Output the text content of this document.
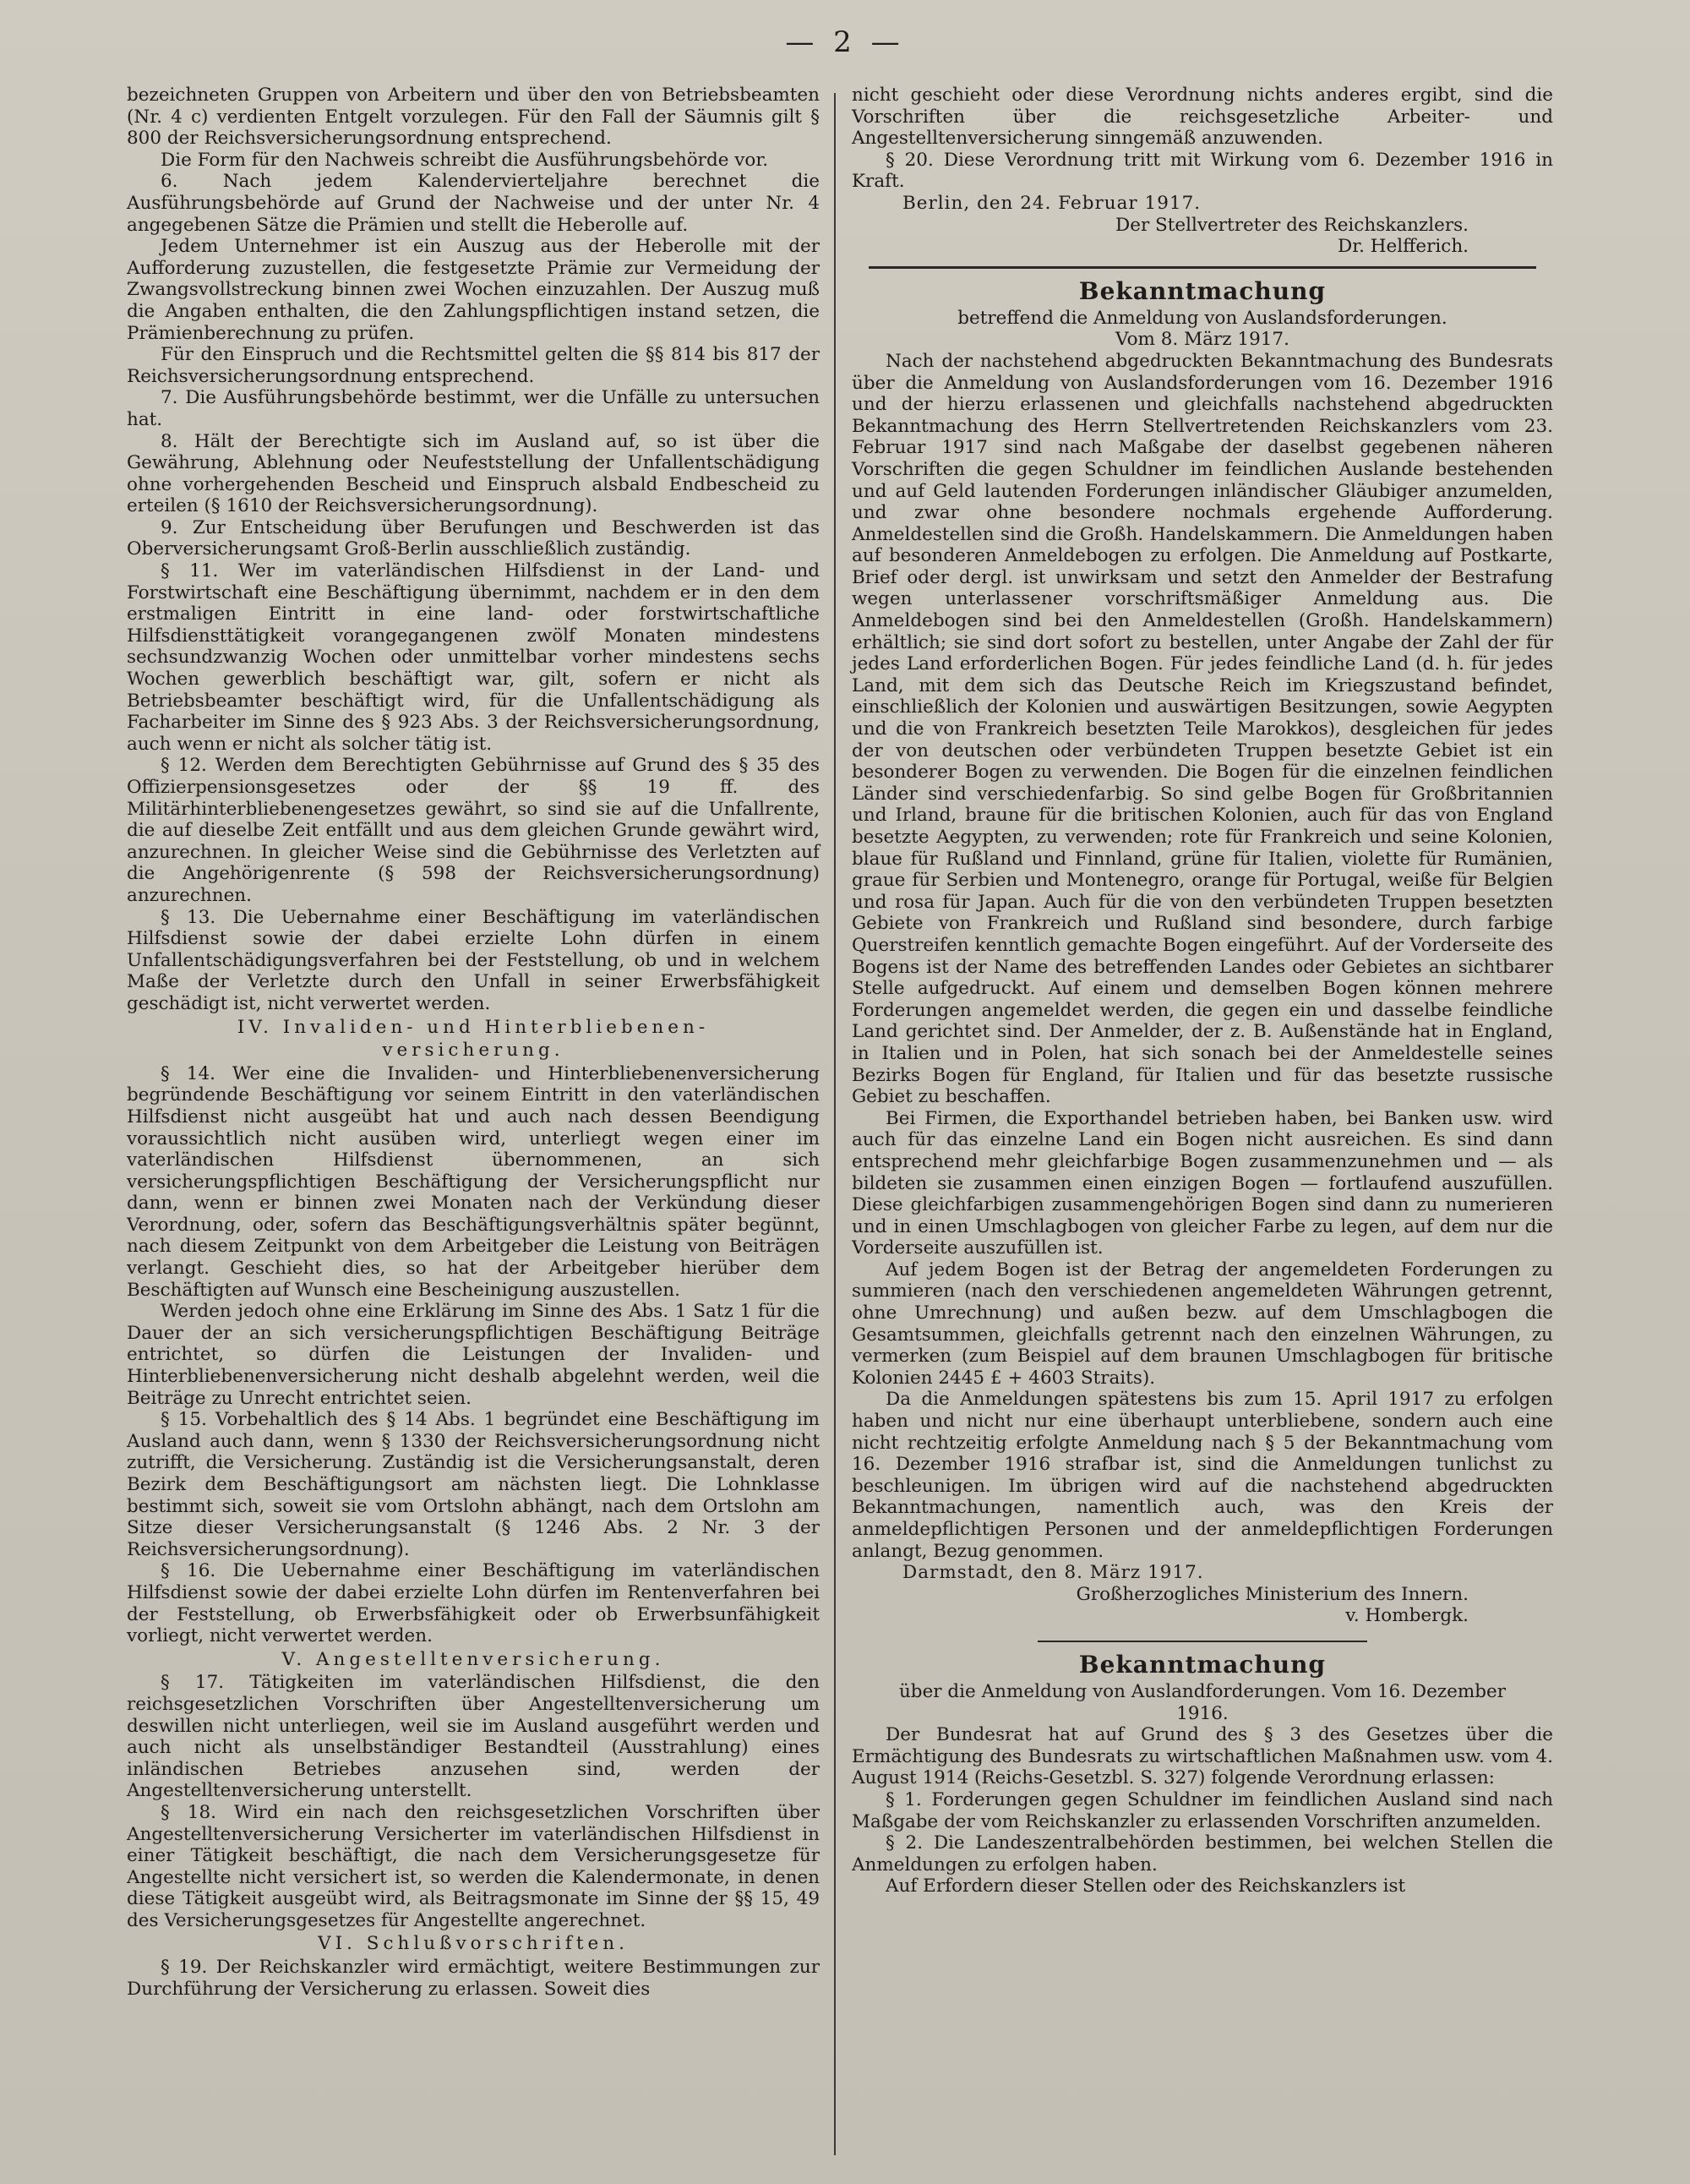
— 2 —

bezeichneten Gruppen von Arbeitern und über den von Betriebsbeamten (Nr. 4 c) verdienten Entgelt vorzulegen. Für den Fall der Säumnis gilt § 800 der Reichsversicherungsordnung entsprechend.

Die Form für den Nachweis schreibt die Ausführungsbehörde vor.

6. Nach jedem Kalendervierteljahre berechnet die Ausführungsbehörde auf Grund der Nachweise und der unter Nr. 4 angegebenen Sätze die Prämien und stellt die Heberolle auf.

Jedem Unternehmer ist ein Auszug aus der Heberolle mit der Aufforderung zuzustellen, die festgesetzte Prämie zur Vermeidung der Zwangsvollstreckung binnen zwei Wochen einzuzahlen. Der Auszug muß die Angaben enthalten, die den Zahlungspflichtigen instand setzen, die Prämienberechnung zu prüfen.

Für den Einspruch und die Rechtsmittel gelten die §§ 814 bis 817 der Reichsversicherungsordnung entsprechend.

7. Die Ausführungsbehörde bestimmt, wer die Unfälle zu untersuchen hat.

8. Hält der Berechtigte sich im Ausland auf, so ist über die Gewährung, Ablehnung oder Neufeststellung der Unfallentschädigung ohne vorhergehenden Bescheid und Einspruch alsbald Endbescheid zu erteilen (§ 1610 der Reichsversicherungsordnung).

9. Zur Entscheidung über Berufungen und Beschwerden ist das Oberversicherungsamt Groß-Berlin ausschließlich zuständig.

§ 11. Wer im vaterländischen Hilfsdienst in der Land- und Forstwirtschaft eine Beschäftigung übernimmt, nachdem er in den dem erstmaligen Eintritt in eine land- oder forstwirtschaftliche Hilfsdiensttätigkeit vorangegangenen zwölf Monaten mindestens sechsundzwanzig Wochen oder unmittelbar vorher mindestens sechs Wochen gewerblich beschäftigt war, gilt, sofern er nicht als Betriebsbeamter beschäftigt wird, für die Unfallentschädigung als Facharbeiter im Sinne des § 923 Abs. 3 der Reichsversicherungsordnung, auch wenn er nicht als solcher tätig ist.

§ 12. Werden dem Berechtigten Gebührnisse auf Grund des § 35 des Offizierpensionsgesetzes oder der §§ 19 ff. des Militärhinterbliebenengesetzes gewährt, so sind sie auf die Unfallrente, die auf dieselbe Zeit entfällt und aus dem gleichen Grunde gewährt wird, anzurechnen. In gleicher Weise sind die Gebührnisse des Verletzten auf die Angehörigenrente (§ 598 der Reichsversicherungsordnung) anzurechnen.

§ 13. Die Uebernahme einer Beschäftigung im vaterländischen Hilfsdienst sowie der dabei erzielte Lohn dürfen in einem Unfallentschädigungsverfahren bei der Feststellung, ob und in welchem Maße der Verletzte durch den Unfall in seiner Erwerbsfähigkeit geschädigt ist, nicht verwertet werden.

IV. Invaliden- und Hinterbliebenen-

versicherung.

§ 14. Wer eine die Invaliden- und Hinterbliebenenversicherung begründende Beschäftigung vor seinem Eintritt in den vaterländischen Hilfsdienst nicht ausgeübt hat und auch nach dessen Beendigung voraussichtlich nicht ausüben wird, unterliegt wegen einer im vaterländischen Hilfsdienst übernommenen, an sich versicherungspflichtigen Beschäftigung der Versicherungspflicht nur dann, wenn er binnen zwei Monaten nach der Verkündung dieser Verordnung, oder, sofern das Beschäftigungsverhältnis später begünnt, nach diesem Zeitpunkt von dem Arbeitgeber die Leistung von Beiträgen verlangt. Geschieht dies, so hat der Arbeitgeber hierüber dem Beschäftigten auf Wunsch eine Bescheinigung auszustellen.

Werden jedoch ohne eine Erklärung im Sinne des Abs. 1 Satz 1 für die Dauer der an sich versicherungspflichtigen Beschäftigung Beiträge entrichtet, so dürfen die Leistungen der Invaliden- und Hinterbliebenenversicherung nicht deshalb abgelehnt werden, weil die Beiträge zu Unrecht entrichtet seien.

§ 15. Vorbehaltlich des § 14 Abs. 1 begründet eine Beschäftigung im Ausland auch dann, wenn § 1330 der Reichsversicherungsordnung nicht zutrifft, die Versicherung. Zuständig ist die Versicherungsanstalt, deren Bezirk dem Beschäftigungsort am nächsten liegt. Die Lohnklasse bestimmt sich, soweit sie vom Ortslohn abhängt, nach dem Ortslohn am Sitze dieser Versicherungsanstalt (§ 1246 Abs. 2 Nr. 3 der Reichsversicherungsordnung).

§ 16. Die Uebernahme einer Beschäftigung im vaterländischen Hilfsdienst sowie der dabei erzielte Lohn dürfen im Rentenverfahren bei der Feststellung, ob Erwerbsfähigkeit oder ob Erwerbsunfähigkeit vorliegt, nicht verwertet werden.

V. Angestelltenversicherung.

§ 17. Tätigkeiten im vaterländischen Hilfsdienst, die den reichsgesetzlichen Vorschriften über Angestelltenversicherung um deswillen nicht unterliegen, weil sie im Ausland ausgeführt werden und auch nicht als unselbständiger Bestandteil (Ausstrahlung) eines inländischen Betriebes anzusehen sind, werden der Angestelltenversicherung unterstellt.

§ 18. Wird ein nach den reichsgesetzlichen Vorschriften über Angestelltenversicherung Versicherter im vaterländischen Hilfsdienst in einer Tätigkeit beschäftigt, die nach dem Versicherungsgesetze für Angestellte nicht versichert ist, so werden die Kalendermonate, in denen diese Tätigkeit ausgeübt wird, als Beitragsmonate im Sinne der §§ 15, 49 des Versicherungsgesetzes für Angestellte angerechnet.

VI. Schlußvorschriften.

§ 19. Der Reichskanzler wird ermächtigt, weitere Bestimmungen zur Durchführung der Versicherung zu erlassen. Soweit dies

nicht geschieht oder diese Verordnung nichts anderes ergibt, sind die Vorschriften über die reichsgesetzliche Arbeiter- und Angestelltenversicherung sinngemäß anzuwenden.

§ 20. Diese Verordnung tritt mit Wirkung vom 6. Dezember 1916 in Kraft.

Berlin, den 24. Februar 1917.

Der Stellvertreter des Reichskanzlers.

Dr. Helfferich.

Bekanntmachung

betreffend die Anmeldung von Auslandsforderungen.

Vom 8. März 1917.

Nach der nachstehend abgedruckten Bekanntmachung des Bundesrats über die Anmeldung von Auslandsforderungen vom 16. Dezember 1916 und der hierzu erlassenen und gleichfalls nachstehend abgedruckten Bekanntmachung des Herrn Stellvertretenden Reichskanzlers vom 23. Februar 1917 sind nach Maßgabe der daselbst gegebenen näheren Vorschriften die gegen Schuldner im feindlichen Auslande bestehenden und auf Geld lautenden Forderungen inländischer Gläubiger anzumelden, und zwar ohne besondere nochmals ergehende Aufforderung. Anmeldestellen sind die Großh. Handelskammern. Die Anmeldungen haben auf besonderen Anmeldebogen zu erfolgen. Die Anmeldung auf Postkarte, Brief oder dergl. ist unwirksam und setzt den Anmelder der Bestrafung wegen unterlassener vorschriftsmäßiger Anmeldung aus. Die Anmeldebogen sind bei den Anmeldestellen (Großh. Handelskammern) erhältlich; sie sind dort sofort zu bestellen, unter Angabe der Zahl der für jedes Land erforderlichen Bogen. Für jedes feindliche Land (d. h. für jedes Land, mit dem sich das Deutsche Reich im Kriegszustand befindet, einschließlich der Kolonien und auswärtigen Besitzungen, sowie Aegypten und die von Frankreich besetzten Teile Marokkos), desgleichen für jedes der von deutschen oder verbündeten Truppen besetzte Gebiet ist ein besonderer Bogen zu verwenden. Die Bogen für die einzelnen feindlichen Länder sind verschiedenfarbig. So sind gelbe Bogen für Großbritannien und Irland, braune für die britischen Kolonien, auch für das von England besetzte Aegypten, zu verwenden; rote für Frankreich und seine Kolonien, blaue für Rußland und Finnland, grüne für Italien, violette für Rumänien, graue für Serbien und Montenegro, orange für Portugal, weiße für Belgien und rosa für Japan. Auch für die von den verbündeten Truppen besetzten Gebiete von Frankreich und Rußland sind besondere, durch farbige Querstreifen kenntlich gemachte Bogen eingeführt. Auf der Vorderseite des Bogens ist der Name des betreffenden Landes oder Gebietes an sichtbarer Stelle aufgedruckt. Auf einem und demselben Bogen können mehrere Forderungen angemeldet werden, die gegen ein und dasselbe feindliche Land gerichtet sind. Der Anmelder, der z. B. Außenstände hat in England, in Italien und in Polen, hat sich sonach bei der Anmeldestelle seines Bezirks Bogen für England, für Italien und für das besetzte russische Gebiet zu beschaffen.

Bei Firmen, die Exporthandel betrieben haben, bei Banken usw. wird auch für das einzelne Land ein Bogen nicht ausreichen. Es sind dann entsprechend mehr gleichfarbige Bogen zusammenzunehmen und — als bildeten sie zusammen einen einzigen Bogen — fortlaufend auszufüllen. Diese gleichfarbigen zusammengehörigen Bogen sind dann zu numerieren und in einen Umschlagbogen von gleicher Farbe zu legen, auf dem nur die Vorderseite auszufüllen ist.

Auf jedem Bogen ist der Betrag der angemeldeten Forderungen zu summieren (nach den verschiedenen angemeldeten Währungen getrennt, ohne Umrechnung) und außen bezw. auf dem Umschlagbogen die Gesamtsummen, gleichfalls getrennt nach den einzelnen Währungen, zu vermerken (zum Beispiel auf dem braunen Umschlagbogen für britische Kolonien 2445 £ + 4603 Straits).

Da die Anmeldungen spätestens bis zum 15. April 1917 zu erfolgen haben und nicht nur eine überhaupt unterbliebene, sondern auch eine nicht rechtzeitig erfolgte Anmeldung nach § 5 der Bekanntmachung vom 16. Dezember 1916 strafbar ist, sind die Anmeldungen tunlichst zu beschleunigen. Im übrigen wird auf die nachstehend abgedruckten Bekanntmachungen, namentlich auch, was den Kreis der anmeldepflichtigen Personen und der anmeldepflichtigen Forderungen anlangt, Bezug genommen.

Darmstadt, den 8. März 1917.

Großherzogliches Ministerium des Innern.

v. Hombergk.

Bekanntmachung

über die Anmeldung von Auslandforderungen. Vom 16. Dezember

1916.

Der Bundesrat hat auf Grund des § 3 des Gesetzes über die Ermächtigung des Bundesrats zu wirtschaftlichen Maßnahmen usw. vom 4. August 1914 (Reichs-Gesetzbl. S. 327) folgende Verordnung erlassen:

§ 1. Forderungen gegen Schuldner im feindlichen Ausland sind nach Maßgabe der vom Reichskanzler zu erlassenden Vorschriften anzumelden.

§ 2. Die Landeszentralbehörden bestimmen, bei welchen Stellen die Anmeldungen zu erfolgen haben.

Auf Erfordern dieser Stellen oder des Reichskanzlers ist
